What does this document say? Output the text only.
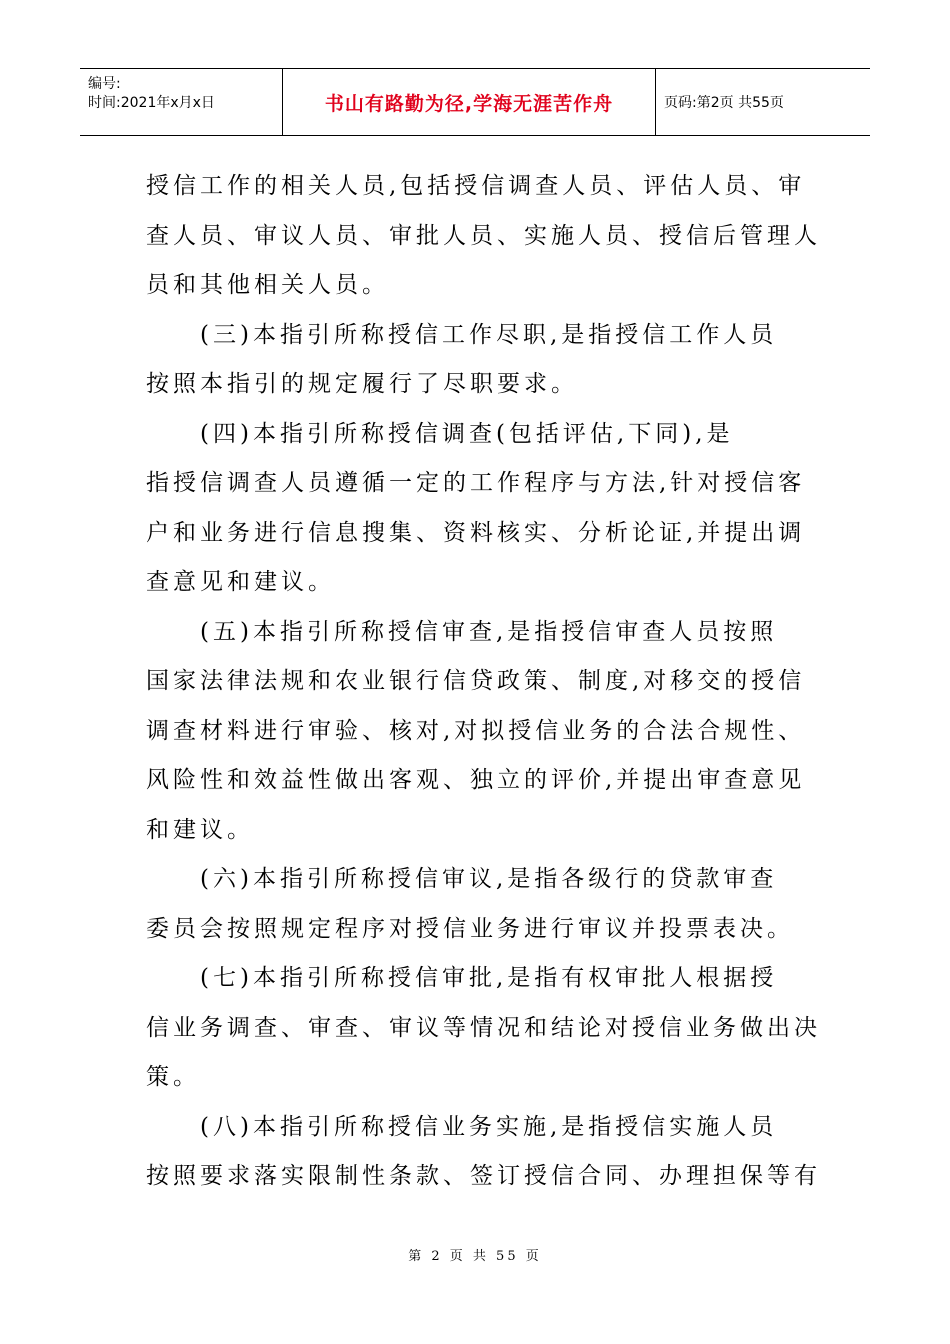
编号:
时间:2021年x月x日	书山有路勤为径,学海无涯苦作舟	页码:第2页 共55页
授信工作的相关人员,包括授信调查人员、评估人员、审
查人员、审议人员、审批人员、实施人员、授信后管理人
员和其他相关人员。
(三)本指引所称授信工作尽职,是指授信工作人员
按照本指引的规定履行了尽职要求。
(四)本指引所称授信调查(包括评估,下同),是
指授信调查人员遵循一定的工作程序与方法,针对授信客
户和业务进行信息搜集、资料核实、分析论证,并提出调
查意见和建议。
(五)本指引所称授信审查,是指授信审查人员按照
国家法律法规和农业银行信贷政策、制度,对移交的授信
调查材料进行审验、核对,对拟授信业务的合法合规性、
风险性和效益性做出客观、独立的评价,并提出审查意见
和建议。
(六)本指引所称授信审议,是指各级行的贷款审查
委员会按照规定程序对授信业务进行审议并投票表决。
(七)本指引所称授信审批,是指有权审批人根据授
信业务调查、审查、审议等情况和结论对授信业务做出决
策。
(八)本指引所称授信业务实施,是指授信实施人员
按照要求落实限制性条款、签订授信合同、办理担保等有
第 2 页 共 55 页
